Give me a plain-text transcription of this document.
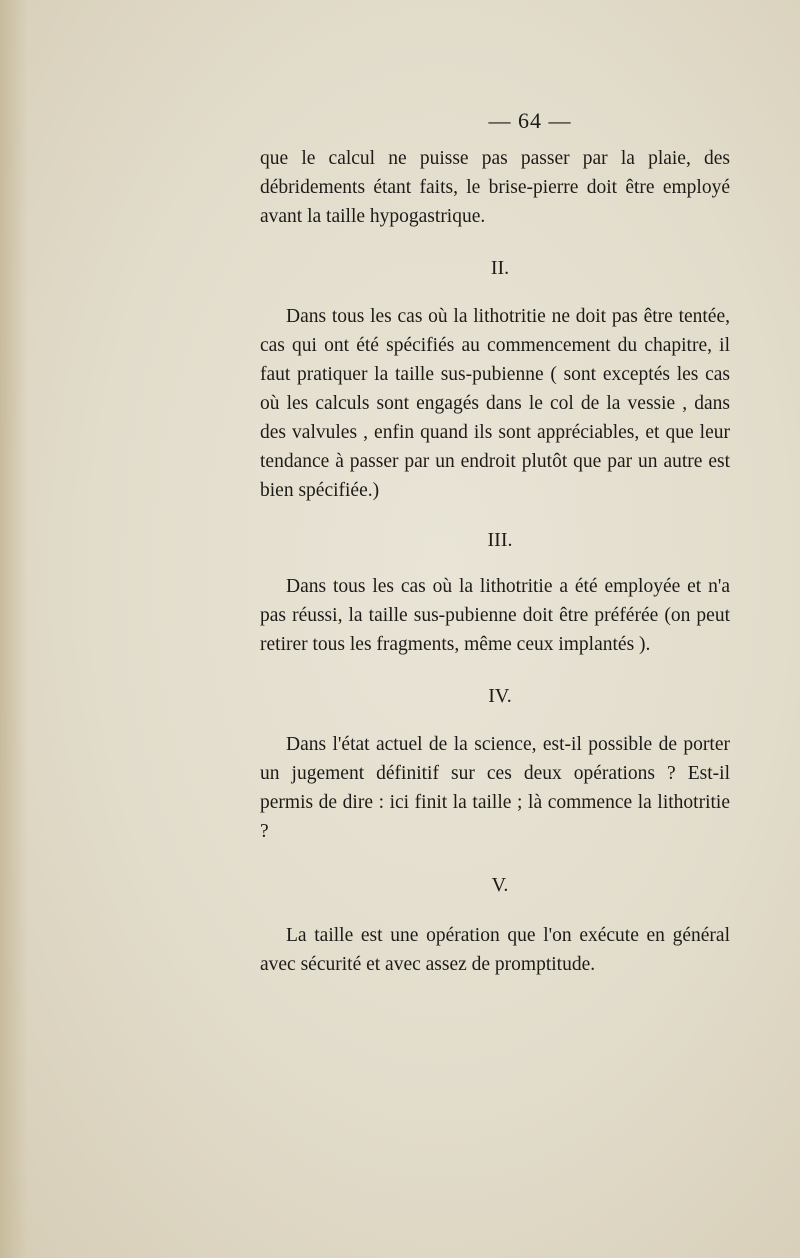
— 64 —

que le calcul ne puisse pas passer par la plaie, des débridements étant faits, le brise-pierre doit être employé avant la taille hypogastrique.

II.

Dans tous les cas où la lithotritie ne doit pas être tentée, cas qui ont été spécifiés au commencement du chapitre, il faut pratiquer la taille sus-pubienne ( sont exceptés les cas où les calculs sont engagés dans le col de la vessie , dans des valvules , enfin quand ils sont appréciables, et que leur tendance à passer par un endroit plutôt que par un autre est bien spécifiée.)

III.

Dans tous les cas où la lithotritie a été employée et n'a pas réussi, la taille sus-pubienne doit être préférée (on peut retirer tous les fragments, même ceux implantés ).

IV.

Dans l'état actuel de la science, est-il possible de porter un jugement définitif sur ces deux opérations ? Est-il permis de dire : ici finit la taille ; là commence la lithotritie ?

V.

La taille est une opération que l'on exécute en général avec sécurité et avec assez de promptitude.
